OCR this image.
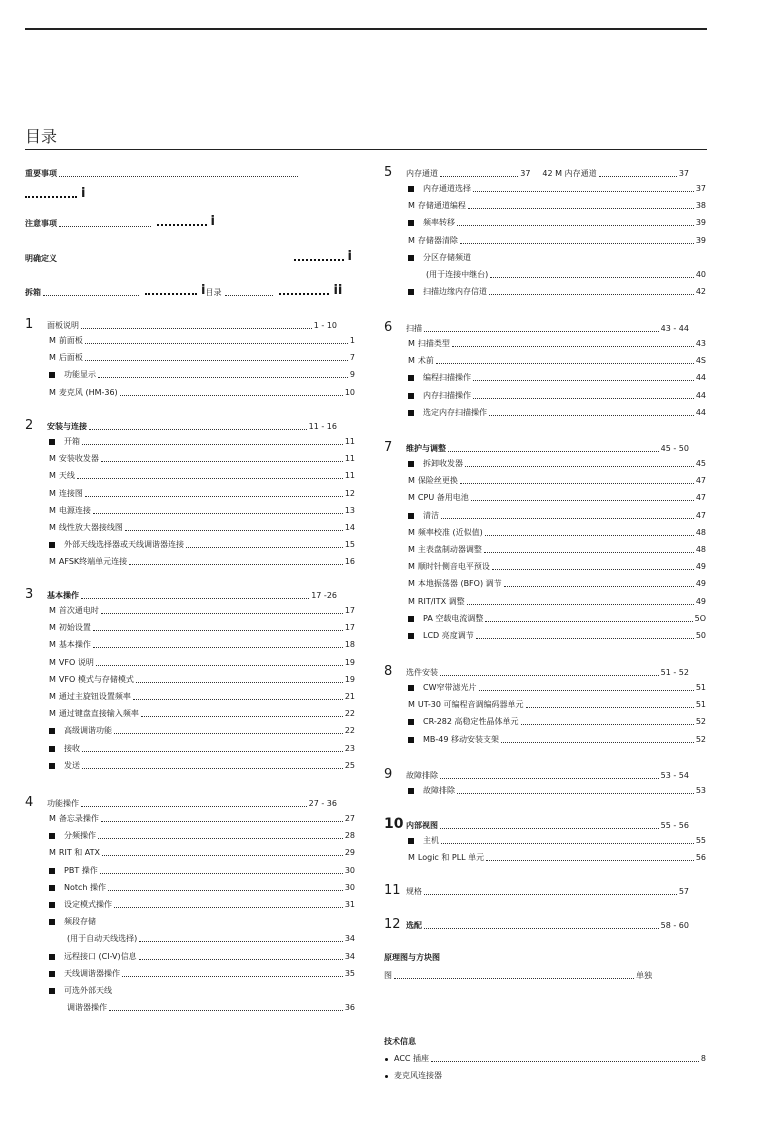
目录
重要事项
i
注意事项	i
明确定义	i
拆箱	i 目录	ii
1	面板说明	1 - 10
M 前面板	1
M 后面板	7
功能显示	9
M 麦克风 (HM-36)	10
2	安装与连接	11 - 16
开箱	11
M 安装收发器	11
M 天线	11
M 连接图	12
M 电源连接	13
M 线性放大器接线图	14
外部天线选择器或天线调谐器连接	15
M AFSK终端单元连接	16
3	基本操作	17 -26
M 首次通电时	17
M 初始设置	17
M 基本操作	18
M VFO 说明	19
M VFO 模式与存储模式	19
M 通过主旋钮设置频率	21
M 通过键盘直接输入频率	22
高级调谐功能	22
接收	23
发送	25
4	功能操作	27 - 36
M 备忘录操作	27
分频操作	28
M RIT 和 ATX	29
PBT 操作	30
Notch 操作	30
设定模式操作	31
频段存储
(用于自动天线选择)	34
远程接口 (CI-V)信息	34
天线调谐器操作	35
可选外部天线
调谐器操作	36
5	内存通道	37 42 M 内存通道	37
内存通道选择	37
M 存储通道编程	38
频率转移	39
M 存储器清除	39
分区存储频道
(用于连接中继台)	40
扫描边缘内存信道	42
6	扫描	43 - 44
M 扫描类型	43
M 术前	4S
编程扫描操作	44
内存扫描操作	44
选定内存扫描操作	44
7	维护与调整	45 - 50
拆卸收发器	45
M 保险丝更换	47
M CPU 备用电池	47
清洁	47
M 频率校准 (近似值)	48
M 主表盘制动器调整	48
M 顺时针侧音电平预设	49
M 本地振荡器 (BFO) 调节	49
M RIT/ITX 调整	49
PA 空载电流调整	5O
LCD 亮度调节	50
8	选件安装	51 - 52
CW窄带滤光片	51
M UT-30 可编程音调编码器单元	51
CR-282 高稳定性晶体单元	52
MB-49 移动安装支架	52
9	故障排除	53 - 54
故障排除	53
10 内部视图	55 - 56
主机	55
M Logic 和 PLL 单元	56
11 规格	57
12 选配	58 - 60
原理图与方块图
图	单独
技术信息
ACC 插座	8
麦克风连接器
